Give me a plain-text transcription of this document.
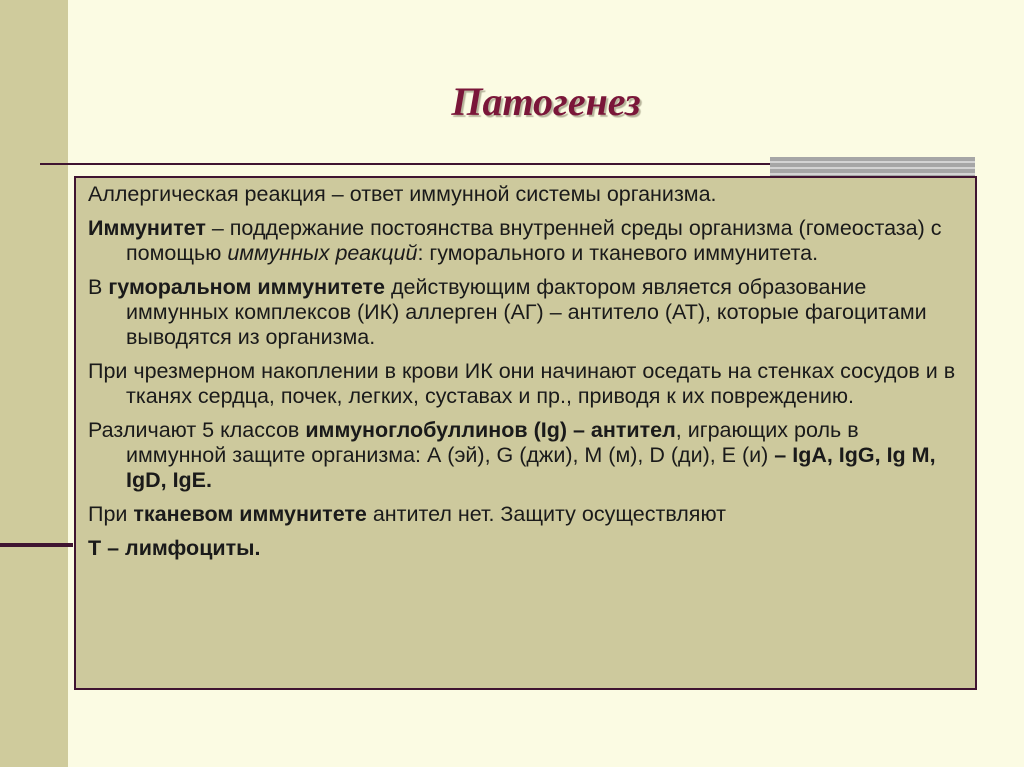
Патогенез

Аллергическая реакция – ответ иммунной системы организма.

Иммунитет – поддержание постоянства внутренней среды организма (гомеостаза) с помощью иммунных реакций: гуморального и тканевого иммунитета.

В гуморальном иммунитете действующим фактором является образование иммунных комплексов (ИК) аллерген (АГ) – антитело (АТ), которые фагоцитами выводятся из организма.

При чрезмерном накоплении в крови ИК они начинают оседать на стенках сосудов и в тканях сердца, почек, легких, суставах и пр., приводя к их повреждению.

Различают 5 классов иммуноглобуллинов (Ig) – антител, играющих роль в иммунной защите организма: А (эй), G (джи), М (м), D (ди), Е (и) – IgA, IgG, Ig M, IgD, IgE.

При тканевом иммунитете антител нет. Защиту осуществляют

Т – лимфоциты.
